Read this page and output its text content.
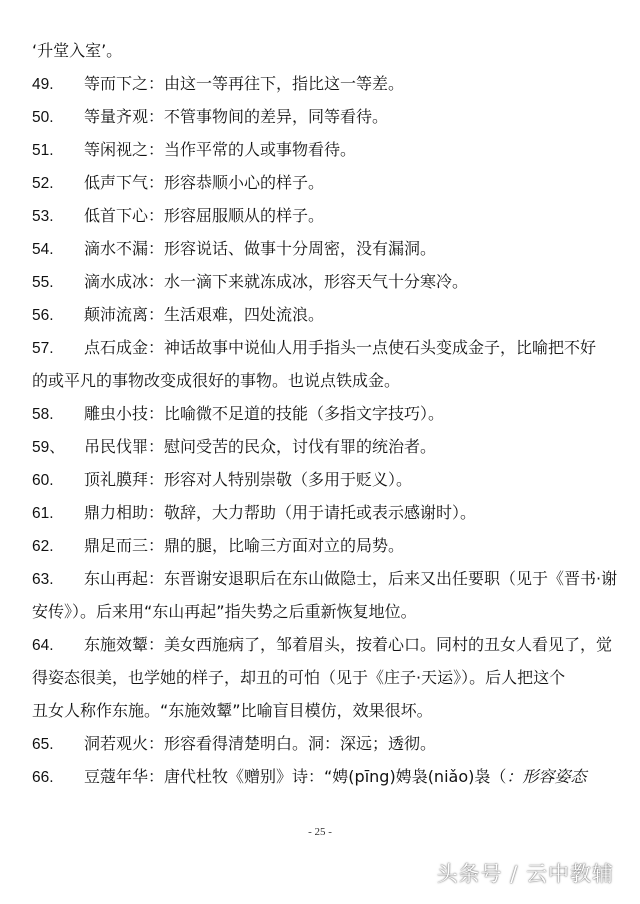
‘升堂入室’。
49. 等而下之：由这一等再往下，指比这一等差。
50. 等量齐观：不管事物间的差异，同等看待。
51. 等闲视之：当作平常的人或事物看待。
52. 低声下气：形容恭顺小心的样子。
53. 低首下心：形容屈服顺从的样子。
54. 滴水不漏：形容说话、做事十分周密，没有漏洞。
55. 滴水成冰：水一滴下来就冻成冰，形容天气十分寒冷。
56. 颠沛流离：生活艰难，四处流浪。
57. 点石成金：神话故事中说仙人用手指头一点使石头变成金子，比喻把不好
的或平凡的事物改变成很好的事物。也说点铁成金。
58. 雕虫小技：比喻微不足道的技能（多指文字技巧）。
59、 吊民伐罪：慰问受苦的民众，讨伐有罪的统治者。
60. 顶礼膜拜：形容对人特别崇敬（多用于贬义）。
61. 鼎力相助：敬辞，大力帮助（用于请托或表示感谢时）。
62. 鼎足而三：鼎的腿，比喻三方面对立的局势。
63. 东山再起：东晋谢安退职后在东山做隐士，后来又出任要职（见于《晋书·谢
安传》）。后来用“东山再起”指失势之后重新恢复地位。
64. 东施效颦：美女西施病了，邹着眉头，按着心口。同村的丑女人看见了，觉
得姿态很美，也学她的样子，却丑的可怕（见于《庄子·天运》）。后人把这个
丑女人称作东施。“东施效颦”比喻盲目模仿，效果很坏。
65. 洞若观火：形容看得清楚明白。洞：深远；透彻。
66. 豆蔻年华：唐代杜牧《赠别》诗：“娉(pīng)娉袅(niǎo)袅（：形容姿态
- 25 -
头条号 / 云中教辅
